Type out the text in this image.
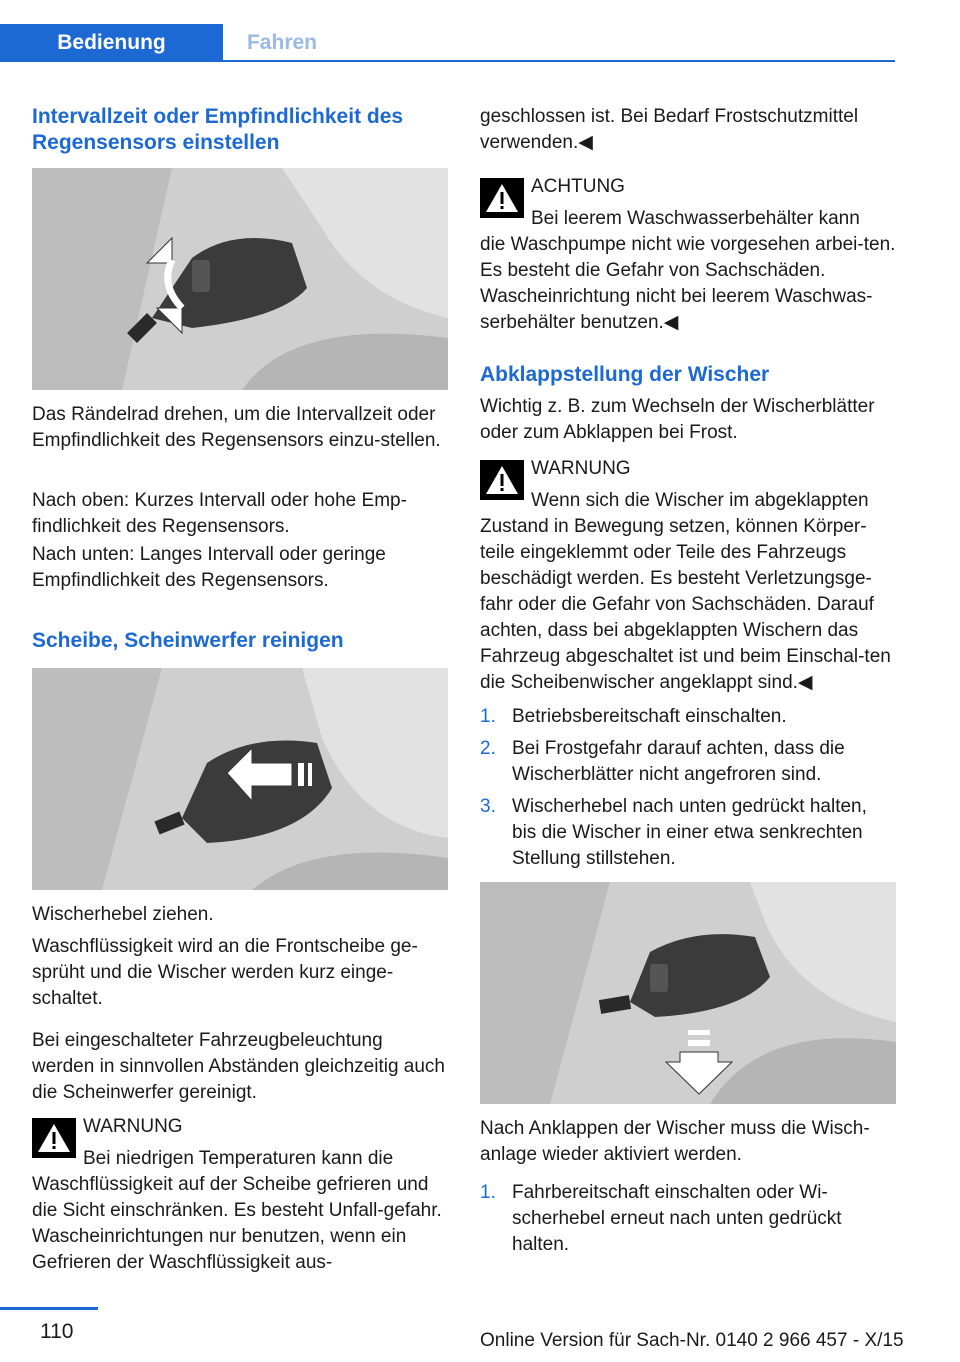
Bedienung	Fahren
Intervallzeit oder Empfindlichkeit des Regensensors einstellen

Das Rändelrad drehen, um die Intervallzeit oder Empfindlichkeit des Regensensors einzu‐stellen.

Nach oben: Kurzes Intervall oder hohe Emp‐findlichkeit des Regensensors.

Nach unten: Langes Intervall oder geringe Empfindlichkeit des Regensensors.

Scheibe, Scheinwerfer reinigen

Wischerhebel ziehen.

Waschflüssigkeit wird an die Frontscheibe ge‐sprüht und die Wischer werden kurz einge‐schaltet.

Bei eingeschalteter Fahrzeugbeleuchtung werden in sinnvollen Abständen gleichzeitig auch die Scheinwerfer gereinigt.

WARNUNG
Bei niedrigen Temperaturen kann die
Waschflüssigkeit auf der Scheibe gefrieren und die Sicht einschränken. Es besteht Unfall‐gefahr. Wascheinrichtungen nur benutzen, wenn ein Gefrieren der Waschflüssigkeit aus‐

geschlossen ist. Bei Bedarf Frostschutzmittel verwenden.◀

ACHTUNG
Bei leerem Waschwasserbehälter kann
die Waschpumpe nicht wie vorgesehen arbei‐ten. Es besteht die Gefahr von Sachschäden. Wascheinrichtung nicht bei leerem Waschwas‐serbehälter benutzen.◀
Abklappstellung der Wischer

Wichtig z. B. zum Wechseln der Wischerblätter oder zum Abklappen bei Frost.

WARNUNG
Wenn sich die Wischer im abgeklappten
Zustand in Bewegung setzen, können Körper‐teile eingeklemmt oder Teile des Fahrzeugs beschädigt werden. Es besteht Verletzungsge‐fahr oder die Gefahr von Sachschäden. Darauf achten, dass bei abgeklappten Wischern das Fahrzeug abgeschaltet ist und beim Einschal‐ten die Scheibenwischer angeklappt sind.◀
1. Betriebsbereitschaft einschalten.
2. Bei Frostgefahr darauf achten, dass die Wischerblätter nicht angefroren sind.
3. Wischerhebel nach unten gedrückt halten, bis die Wischer in einer etwa senkrechten Stellung stillstehen.

Nach Anklappen der Wischer muss die Wisch‐anlage wieder aktiviert werden.

1. Fahrbereitschaft einschalten oder Wi‐scherhebel erneut nach unten gedrückt halten.
110	Online Version für Sach-Nr. 0140 2 966 457 - X/15
